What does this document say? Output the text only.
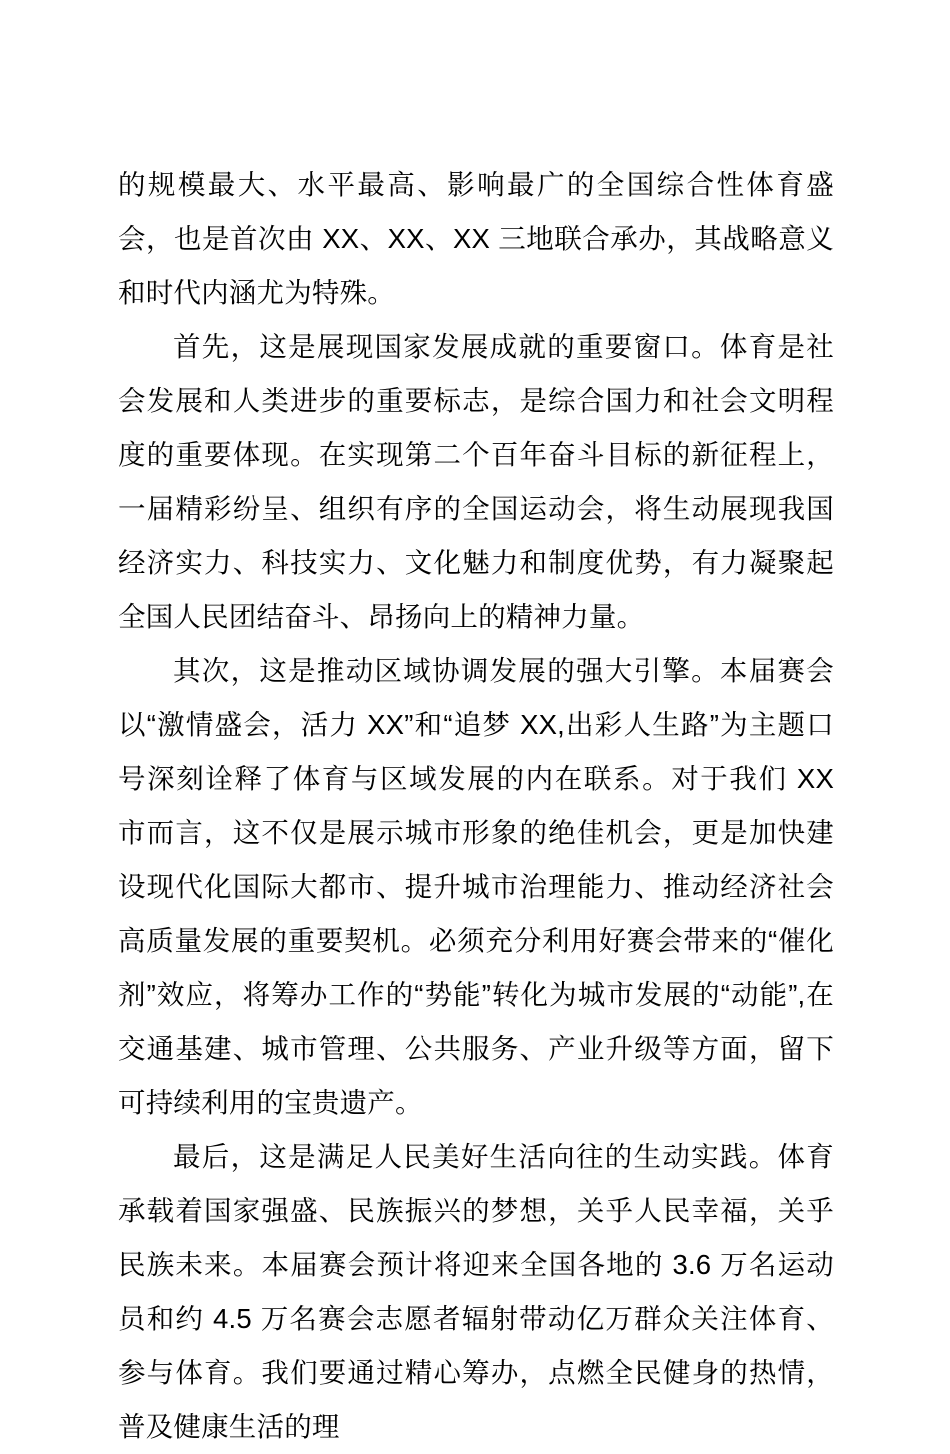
的规模最大、水平最高、影响最广的全国综合性体育盛会，也是首次由 XX、XX、XX 三地联合承办，其战略意义和时代内涵尤为特殊。

首先，这是展现国家发展成就的重要窗口。体育是社会发展和人类进步的重要标志，是综合国力和社会文明程度的重要体现。在实现第二个百年奋斗目标的新征程上，一届精彩纷呈、组织有序的全国运动会，将生动展现我国经济实力、科技实力、文化魅力和制度优势，有力凝聚起全国人民团结奋斗、昂扬向上的精神力量。

其次，这是推动区域协调发展的强大引擎。本届赛会以“激情盛会，活力 XX”和“追梦 XX,出彩人生路”为主题口号深刻诠释了体育与区域发展的内在联系。对于我们 XX 市而言，这不仅是展示城市形象的绝佳机会，更是加快建设现代化国际大都市、提升城市治理能力、推动经济社会高质量发展的重要契机。必须充分利用好赛会带来的“催化剂”效应，将筹办工作的“势能”转化为城市发展的“动能”,在交通基建、城市管理、公共服务、产业升级等方面，留下可持续利用的宝贵遗产。

最后，这是满足人民美好生活向往的生动实践。体育承载着国家强盛、民族振兴的梦想，关乎人民幸福，关乎民族未来。本届赛会预计将迎来全国各地的 3.6 万名运动员和约 4.5 万名赛会志愿者辐射带动亿万群众关注体育、参与体育。我们要通过精心筹办，点燃全民健身的热情，普及健康生活的理
